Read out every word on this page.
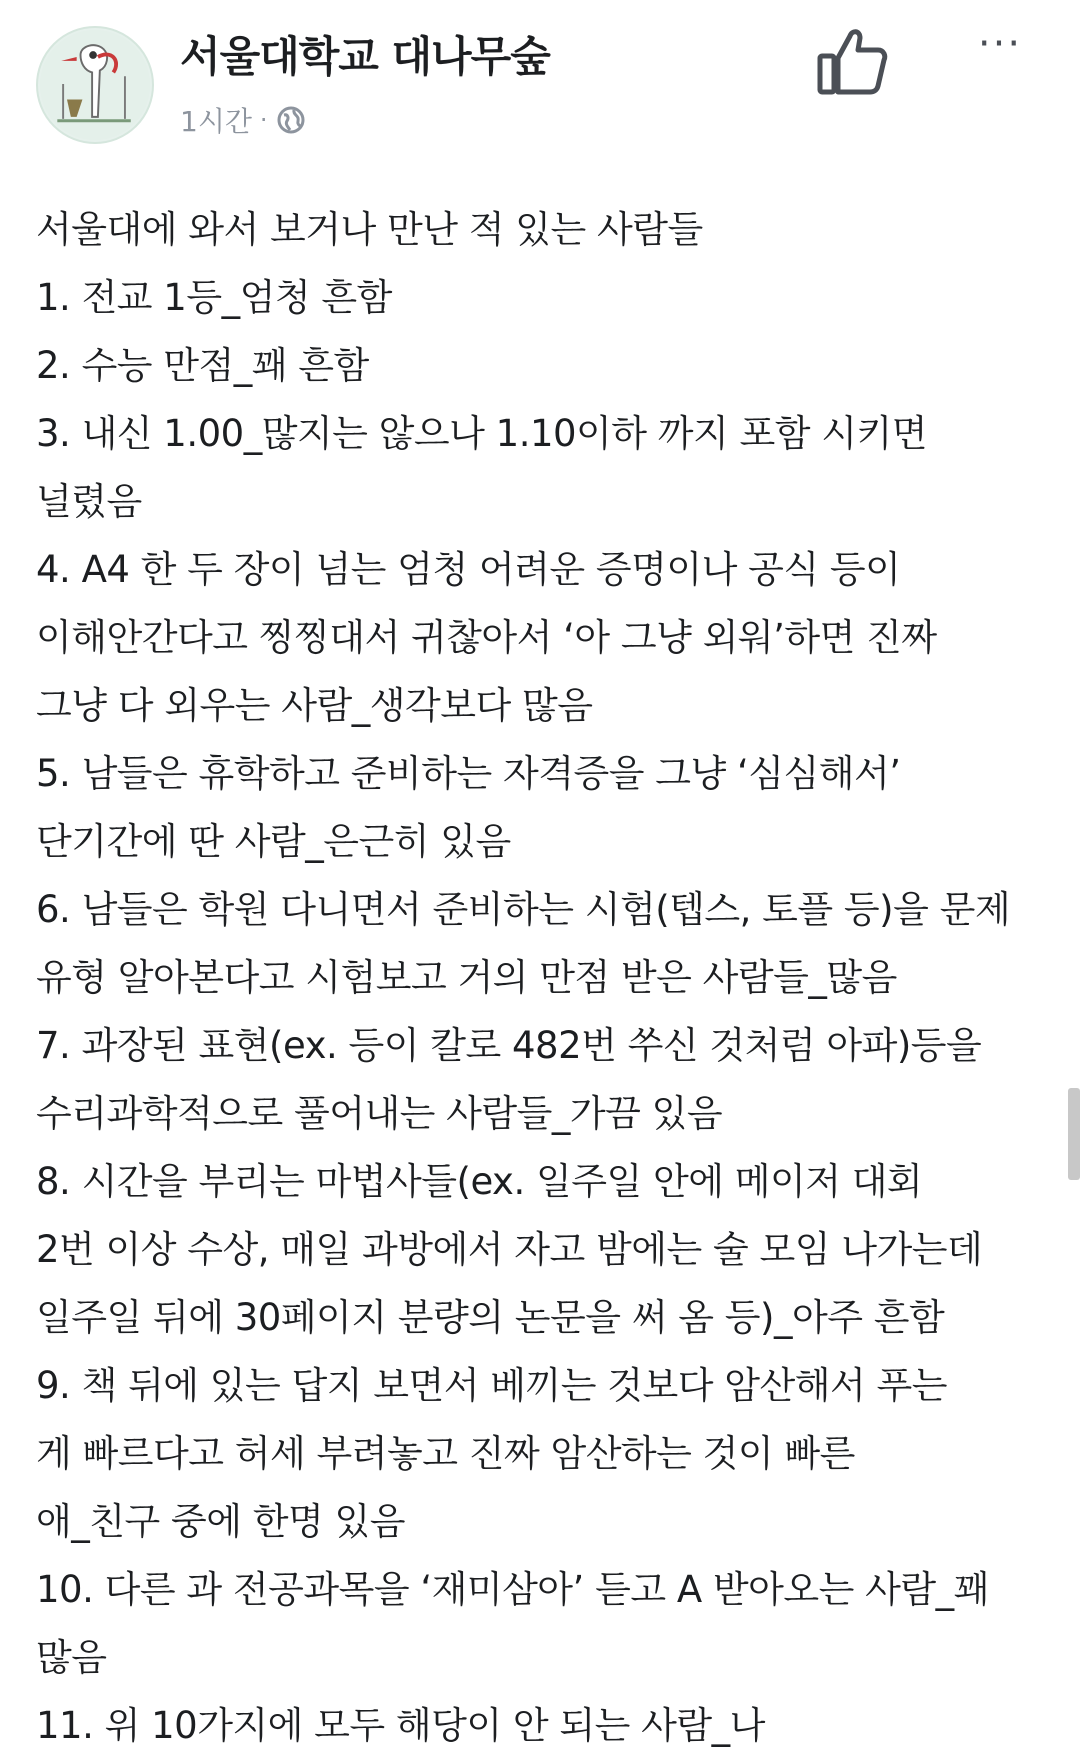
서울대학교 대나무숲
1시간 ·
···
서울대에 와서 보거나 만난 적 있는 사람들
1. 전교 1등_엄청 흔함
2. 수능 만점_꽤 흔함
3. 내신 1.00_많지는 않으나 1.10이하 까지 포함 시키면
널렸음
4. A4 한 두 장이 넘는 엄청 어려운 증명이나 공식 등이
이해안간다고 찡찡대서 귀찮아서 ‘아 그냥 외워’하면 진짜
그냥 다 외우는 사람_생각보다 많음
5. 남들은 휴학하고 준비하는 자격증을 그냥 ‘심심해서’
단기간에 딴 사람_은근히 있음
6. 남들은 학원 다니면서 준비하는 시험(텝스, 토플 등)을 문제
유형 알아본다고 시험보고 거의 만점 받은 사람들_많음
7. 과장된 표현(ex. 등이 칼로 482번 쑤신 것처럼 아파)등을
수리과학적으로 풀어내는 사람들_가끔 있음
8. 시간을 부리는 마법사들(ex. 일주일 안에 메이저 대회
2번 이상 수상, 매일 과방에서 자고 밤에는 술 모임 나가는데
일주일 뒤에 30페이지 분량의 논문을 써 옴 등)_아주 흔함
9. 책 뒤에 있는 답지 보면서 베끼는 것보다 암산해서 푸는
게 빠르다고 허세 부려놓고 진짜 암산하는 것이 빠른
애_친구 중에 한명 있음
10. 다른 과 전공과목을 ‘재미삼아’ 듣고 A 받아오는 사람_꽤
많음
11. 위 10가지에 모두 해당이 안 되는 사람_나
